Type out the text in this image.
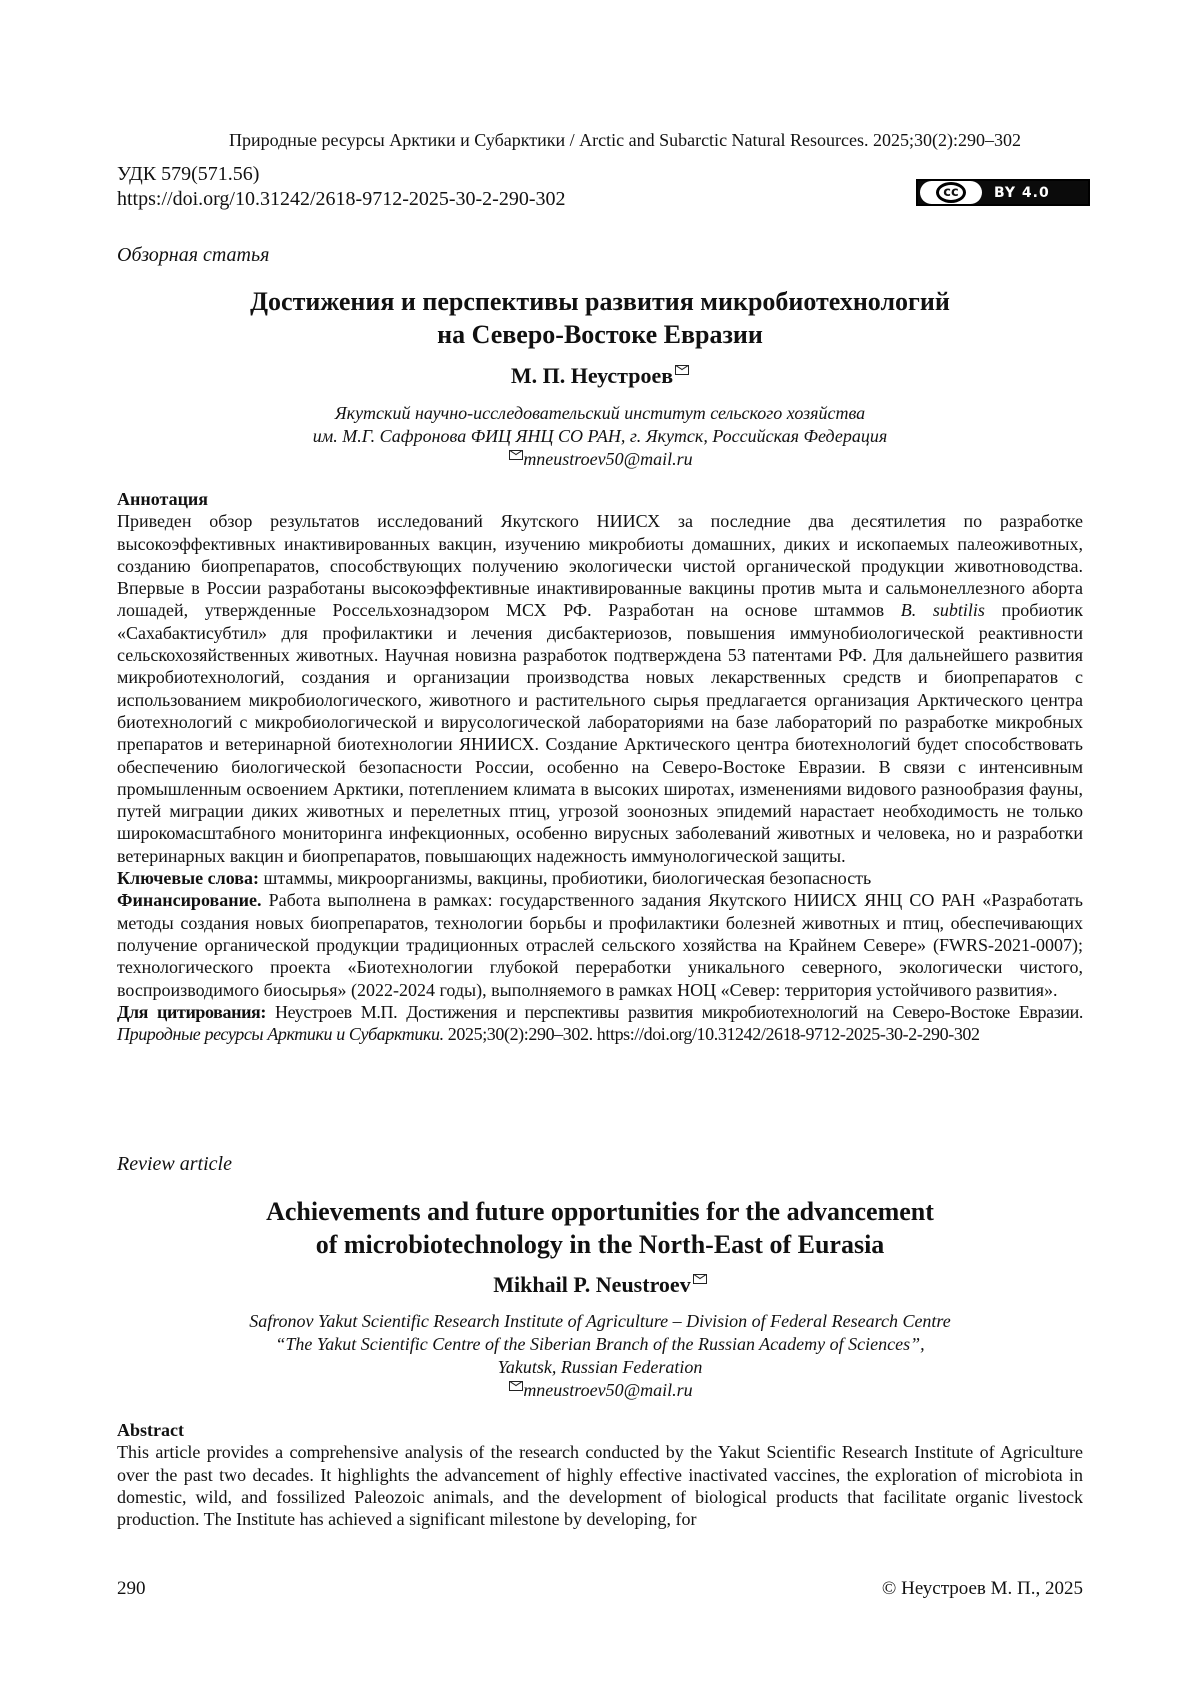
Природные ресурсы Арктики и Субарктики / Arctic and Subarctic Natural Resources. 2025;30(2):290–302
УДК 579(571.56)
https://doi.org/10.31242/2618-9712-2025-30-2-290-302	cc	BY 4.0
Обзорная статья
Достижения и перспективы развития микробиотехнологий
на Северо-Востоке Евразии
М. П. Неустроев
Якутский научно-исследовательский институт сельского хозяйства
им. М.Г. Сафронова ФИЦ ЯНЦ СО РАН, г. Якутск, Российская Федерация
mneustroev50@mail.ru

Аннотация

Приведен обзор результатов исследований Якутского НИИСХ за последние два десятилетия по разработке высокоэффективных инактивированных вакцин, изучению микробиоты домашних, диких и ископаемых палеоживотных, созданию биопрепаратов, способствующих получению экологически чистой органической продукции животноводства. Впервые в России разработаны высокоэффективные инактивированные вакцины против мыта и сальмонеллезного аборта лошадей, утвержденные Россельхознадзором МСХ РФ. Разработан на основе штаммов B. subtilis пробиотик «Сахабактисубтил» для профилактики и лечения дисбактериозов, повышения иммунобиологической реактивности сельскохозяйственных животных. Научная новизна разработок подтверждена 53 патентами РФ. Для дальнейшего развития микробиотехнологий, создания и организации производства новых лекарственных средств и биопрепаратов с использованием микробиологического, животного и растительного сырья предлагается организация Арктического центра биотехнологий с микробиологической и вирусологической лабораториями на базе лабораторий по разработке микробных препаратов и ветеринарной биотехнологии ЯНИИСХ. Создание Арктического центра биотехнологий будет способствовать обеспечению биологической безопасности России, особенно на Северо-Востоке Евразии. В связи с интенсивным промышленным освоением Арктики, потеплением климата в высоких широтах, изменениями видового разнообразия фауны, путей миграции диких животных и перелетных птиц, угрозой зоонозных эпидемий нарастает необходимость не только широкомасштабного мониторинга инфекционных, особенно вирусных заболеваний животных и человека, но и разработки ветеринарных вакцин и биопрепаратов, повышающих надежность иммунологической защиты.

Ключевые слова: штаммы, микроорганизмы, вакцины, пробиотики, биологическая безопасность

Финансирование. Работа выполнена в рамках: государственного задания Якутского НИИСХ ЯНЦ СО РАН «Разработать методы создания новых биопрепаратов, технологии борьбы и профилактики болезней животных и птиц, обеспечивающих получение органической продукции традиционных отраслей сельского хозяйства на Крайнем Севере» (FWRS-2021-0007); технологического проекта «Биотехнологии глубокой переработки уникального северного, экологически чистого, воспроизводимого биосырья» (2022-2024 годы), выполняемого в рамках НОЦ «Север: территория устойчивого развития».

Для цитирования: Неустроев М.П. Достижения и перспективы развития микробиотехнологий на Северо-Востоке Евразии. Природные ресурсы Арктики и Субарктики. 2025;30(2):290–302. https://doi.org/10.31242/2618-9712-2025-30-2-290-302

Review article
Achievements and future opportunities for the advancement
of microbiotechnology in the North-East of Eurasia
Mikhail P. Neustroev
Safronov Yakut Scientific Research Institute of Agriculture – Division of Federal Research Centre
“The Yakut Scientific Centre of the Siberian Branch of the Russian Academy of Sciences”,
Yakutsk, Russian Federation
mneustroev50@mail.ru

Abstract

This article provides a comprehensive analysis of the research conducted by the Yakut Scientific Research Institute of Agriculture over the past two decades. It highlights the advancement of highly effective inactivated vaccines, the exploration of microbiota in domestic, wild, and fossilized Paleozoic animals, and the development of biological products that facilitate organic livestock production. The Institute has achieved a significant milestone by developing, for

290	© Неустроев М. П., 2025
